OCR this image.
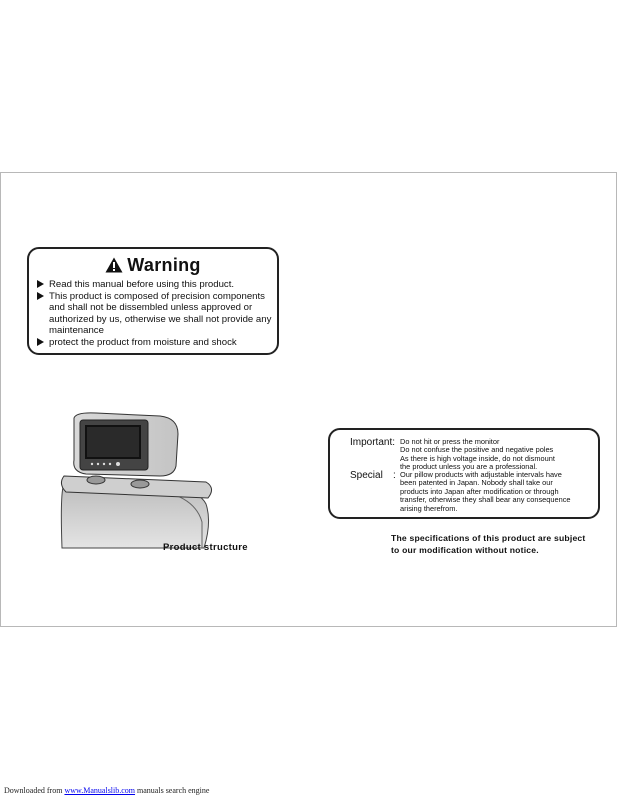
Warning
Read this manual before using this product.
This product is composed of precision components
and shall not be dissembled unless approved or
authorized by us, otherwise we shall not provide any
maintenance
protect the product from moisture and shock
Product structure
Important: Do not hit or press the monitor
Do not confuse the positive and negative poles
As there is high voltage inside, do not dismount
the product unless you are a professional.
Special : Our pillow products with adjustable intervals have
been patented in Japan. Nobody shall take our
products into Japan after modification or through
transfer, otherwise they shall bear any consequence
arising therefrom.
The specifications of this product are subject
to our modification without notice.
Downloaded from www.Manualslib.com manuals search engine
